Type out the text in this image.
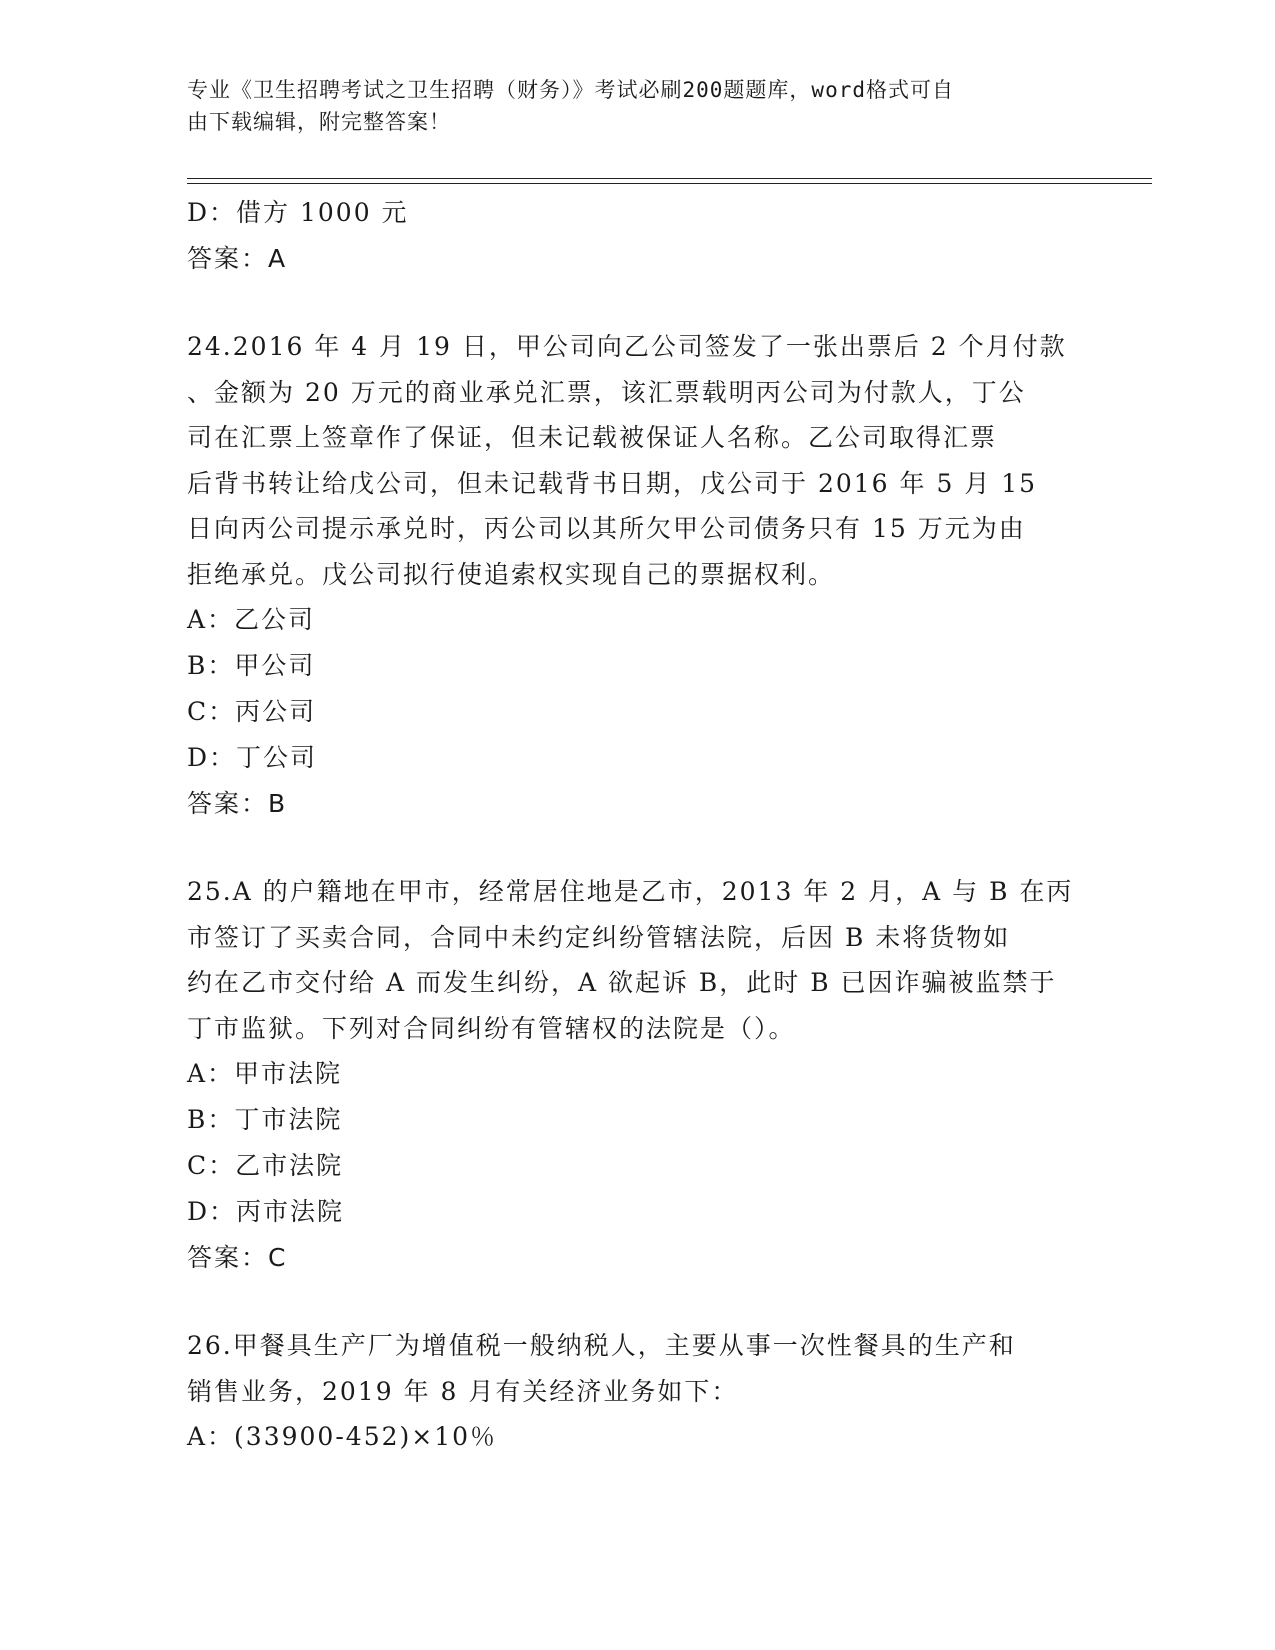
专业《卫生招聘考试之卫生招聘（财务）》考试必刷200题题库，word格式可自
由下载编辑，附完整答案！
D：借方 1000 元
答案：A
24.2016 年 4 月 19 日，甲公司向乙公司签发了一张出票后 2 个月付款
、金额为 20 万元的商业承兑汇票，该汇票载明丙公司为付款人，丁公
司在汇票上签章作了保证，但未记载被保证人名称。乙公司取得汇票
后背书转让给戊公司，但未记载背书日期，戊公司于 2016 年 5 月 15
日向丙公司提示承兑时，丙公司以其所欠甲公司债务只有 15 万元为由
拒绝承兑。戊公司拟行使追索权实现自己的票据权利。
A：乙公司
B：甲公司
C：丙公司
D：丁公司
答案：B
25.A 的户籍地在甲市，经常居住地是乙市，2013 年 2 月，A 与 B 在丙
市签订了买卖合同，合同中未约定纠纷管辖法院，后因 B 未将货物如
约在乙市交付给 A 而发生纠纷，A 欲起诉 B，此时 B 已因诈骗被监禁于
丁市监狱。下列对合同纠纷有管辖权的法院是（）。
A：甲市法院
B：丁市法院
C：乙市法院
D：丙市法院
答案：C
26.甲餐具生产厂为增值税一般纳税人，主要从事一次性餐具的生产和
销售业务，2019 年 8 月有关经济业务如下：
A：(33900-452)×10％
